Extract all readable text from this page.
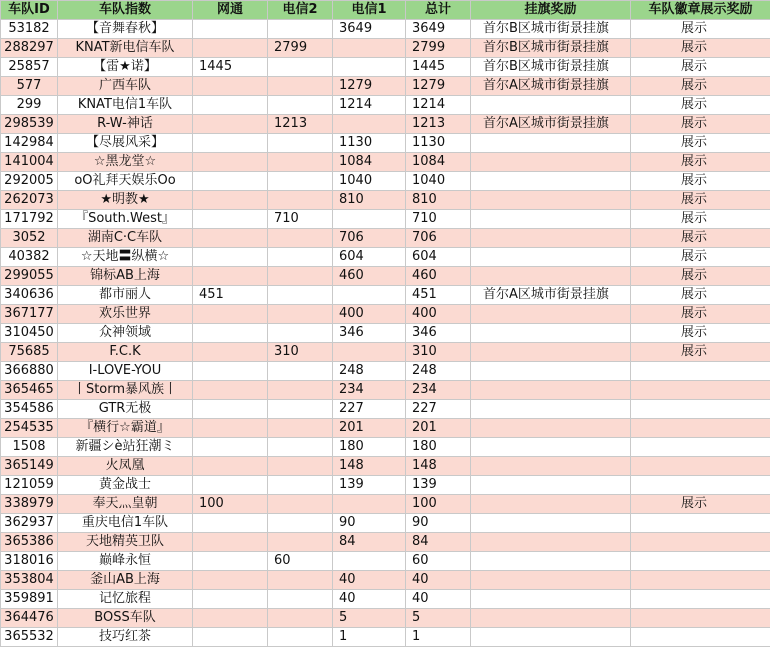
车队ID	车队指数	网通	电信2	电信1	总计	挂旗奖励	车队徽章展示奖励
53182	【音舞春秋】			3649	3649	首尔B区城市街景挂旗	展示
288297	KNAT新电信车队		2799		2799	首尔B区城市街景挂旗	展示
25857	【雷★诺】	1445			1445	首尔B区城市街景挂旗	展示
577	广西车队			1279	1279	首尔A区城市街景挂旗	展示
299	KNAT电信1车队			1214	1214		展示
298539	R-W-神话		1213		1213	首尔A区城市街景挂旗	展示
142984	【尽展风采】			1130	1130		展示
141004	☆黑龙堂☆			1084	1084		展示
292005	oO礼拜天娱乐Oo			1040	1040		展示
262073	★明教★			810	810		展示
171792	『South.West』		710		710		展示
3052	湖南C·C车队			706	706		展示
40382	☆天地〓纵横☆			604	604		展示
299055	锦标AB上海			460	460		展示
340636	都市丽人	451			451	首尔A区城市街景挂旗	展示
367177	欢乐世界			400	400		展示
310450	众神领域			346	346		展示
75685	F.C.K		310		310		展示
366880	I-LOVE-YOU			248	248		
365465	丨Storm暴风族丨			234	234		
354586	GTR无极			227	227		
254535	『横行☆霸道』			201	201		
1508	新疆シè站狂潮ミ			180	180		
365149	火凤凰			148	148		
121059	黄金战士			139	139		
338979	奉天灬皇朝	100			100		展示
362937	重庆电信1车队			90	90		
365386	天地精英卫队			84	84		
318016	巅峰永恒		60		60		
353804	釜山AB上海			40	40		
359891	记忆旅程			40	40		
364476	BOSS车队			5	5		
365532	技巧红茶			1	1		
